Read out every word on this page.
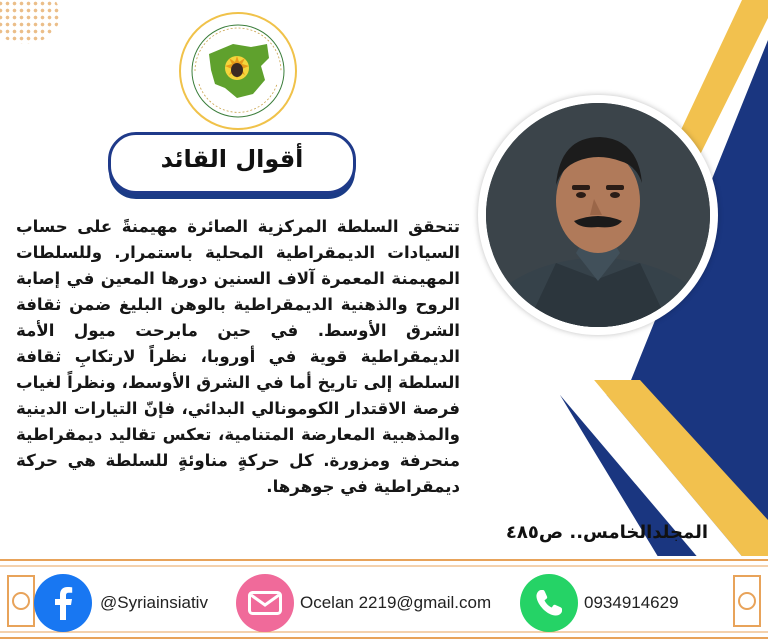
أقوال القائد
تتحقق السلطة المركزية الصائرة مهيمنةً على حساب السيادات الديمقراطية المحلية باستمرار. وللسلطات المهيمنة المعمرة آلاف السنين دورها المعين في إصابة الروح والذهنية الديمقراطية بالوهن البليغ ضمن ثقافة الشرق الأوسط. في حين مابرحت ميول الأمة الديمقراطية قوية في أوروبا، نظراً لارتكابِ ثقافة السلطة إلى تاريخ أما في الشرق الأوسط، ونظراً لغياب فرصة الاقتدار الكومونالي البدائي، فإنّ التيارات الدينية والمذهبية المعارضة المتنامية، تعكس تقاليد ديمقراطية منحرفة ومزورة. كل حركةٍ مناوئةٍ للسلطة هي حركة ديمقراطية في جوهرها.
المجلدالخامس.. ص٤٨٥
@Syriainsiativ	Ocelan 2219@gmail.com	0934914629
